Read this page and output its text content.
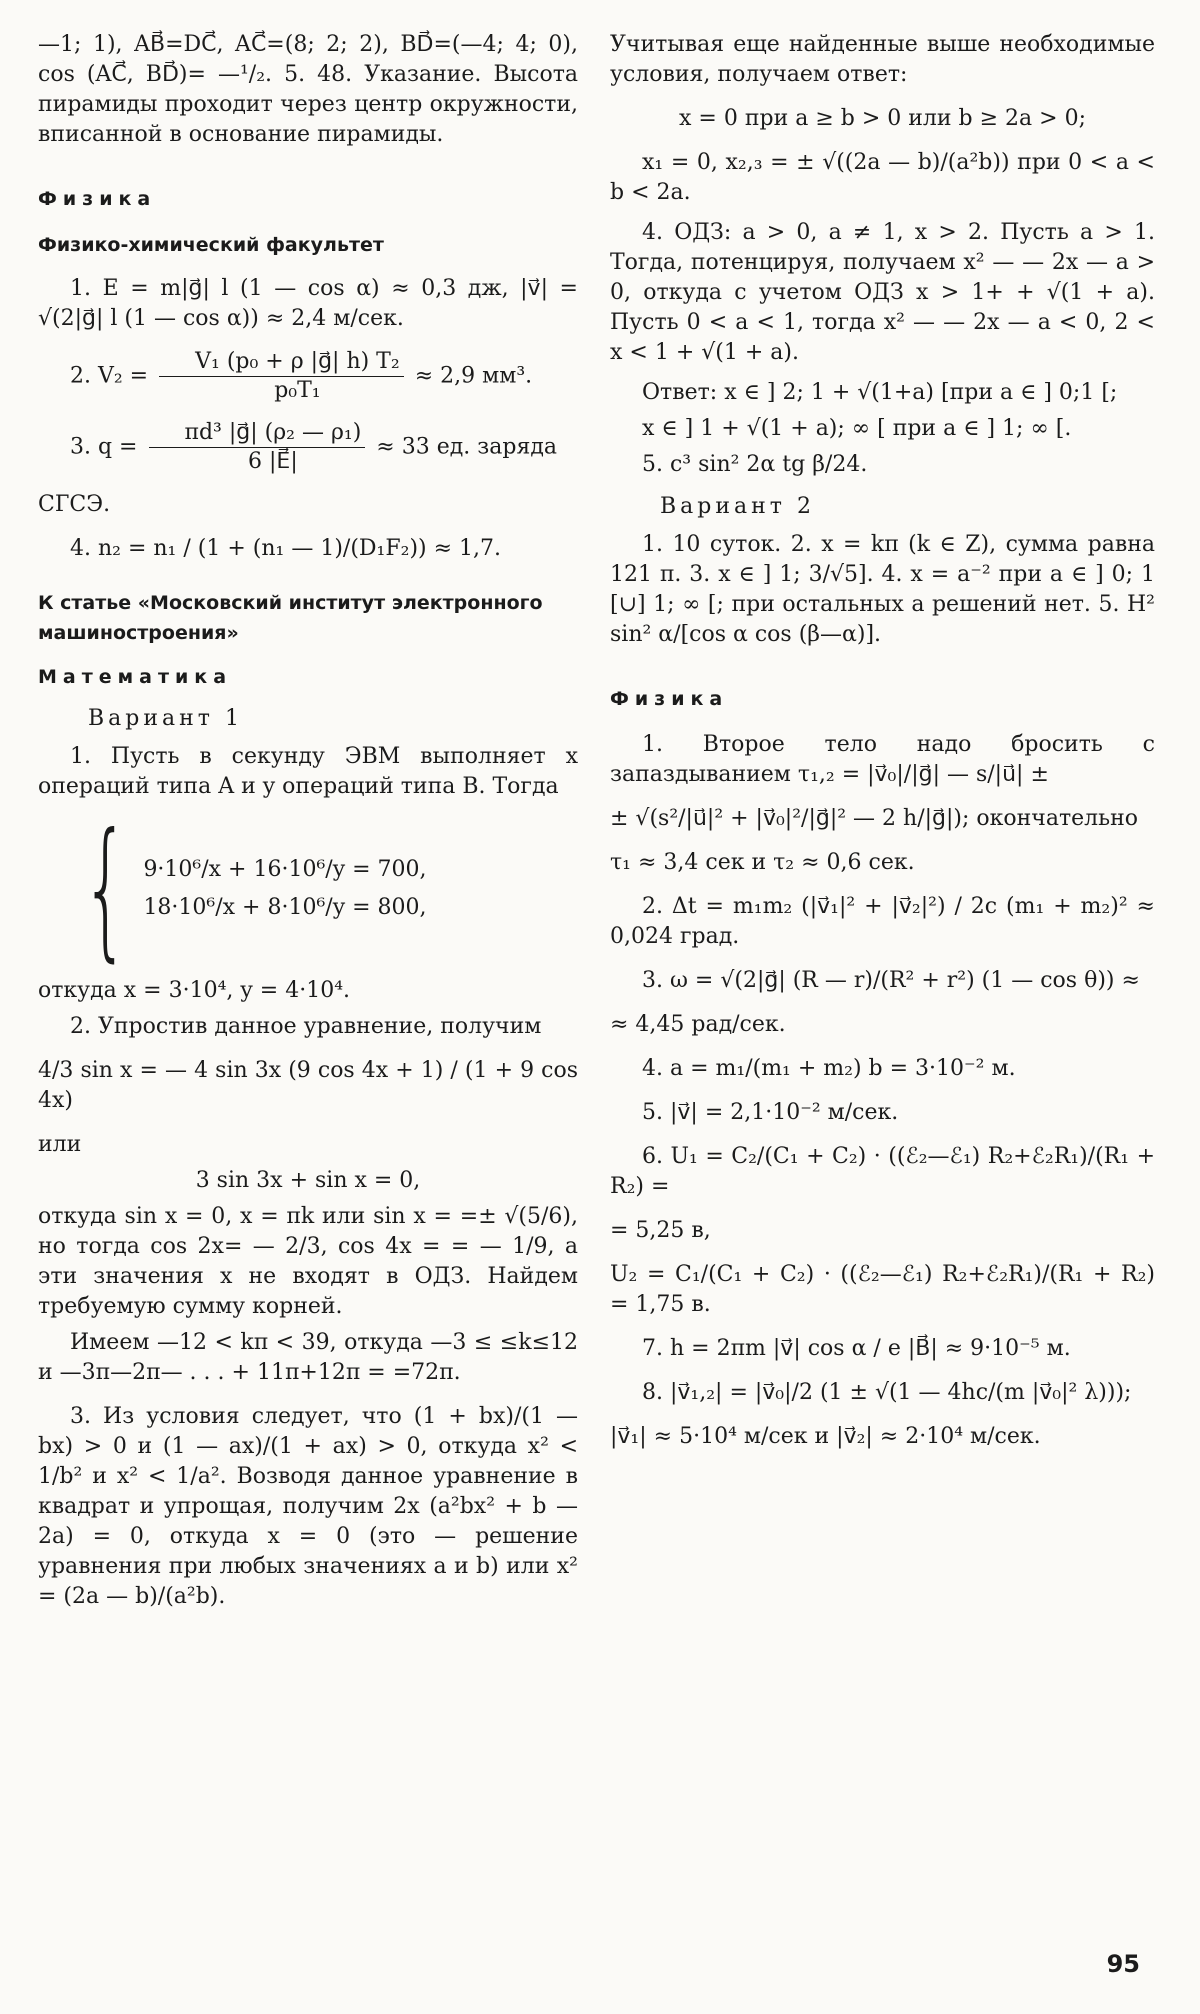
—1; 1), AB⃗=DC⃗, AC⃗=(8; 2; 2), BD⃗=(—4; 4; 0), cos (AC⃗, BD⃗)= —¹/₂. 5. 48. Указание. Высота пирамиды проходит через центр окружности, вписанной в основание пирамиды.

Физика
Физико-химический факультет

1. E = m|g⃗| l (1 — cos α) ≈ 0,3 дж, |v⃗| = √(2|g⃗| l (1 — cos α)) ≈ 2,4 м/сек.

2. $V_2 = \frac{\text{V₁ (p₀ + ρ |g⃗| h) T₂}}{\text{p₀T₁}} \approx 2,9$ мм³.
3. $q = \frac{\text{πd³ |g⃗| (ρ₂ — ρ₁)}}{6 |E⃗|} \approx 33$ ед. заряда

СГСЭ.

4. n₂ = n₁ / (1 + (n₁ — 1)/(D₁F₂)) ≈ 1,7.

К статье «Московский институт электронного машиностроения»
Математика
Вариант 1

1. Пусть в секунду ЭВМ выполняет x операций типа A и y операций типа B. Тогда

{ 9·10⁶/x + 16·10⁶/y = 700,
18·10⁶/x + 8·10⁶/y = 800,

откуда x = 3·10⁴, y = 4·10⁴.

2. Упростив данное уравнение, получим

4/3 sin x = — 4 sin 3x (9 cos 4x + 1) / (1 + 9 cos 4x)

или

3 sin 3x + sin x = 0,

откуда sin x = 0, x = πk или sin x = =± √(5/6), но тогда cos 2x= — 2/3, cos 4x = = — 1/9, а эти значения x не входят в ОДЗ. Найдем требуемую сумму корней.

Имеем —12 < kπ < 39, откуда —3 ≤ ≤k≤12 и —3π—2π— . . . + 11π+12π = =72π.

3. Из условия следует, что (1 + bx)/(1 — bx) > 0 и (1 — ax)/(1 + ax) > 0, откуда x² < 1/b² и x² < 1/a². Возводя данное уравнение в квадрат и упрощая, получим 2x (a²bx² + b — 2a) = 0, откуда x = 0 (это — решение уравнения при любых значениях a и b) или x² = (2a — b)/(a²b).

Учитывая еще найденные выше необходимые условия, получаем ответ:

x = 0 при a ≥ b > 0 или b ≥ 2a > 0;

x₁ = 0, x₂,₃ = ± √((2a — b)/(a²b)) при 0 < a < b < 2a.

4. ОДЗ: a > 0, a ≠ 1, x > 2. Пусть a > 1. Тогда, потенцируя, получаем x² — — 2x — a > 0, откуда с учетом ОДЗ x > 1+ + √(1 + a). Пусть 0 < a < 1, тогда x² — — 2x — a < 0, 2 < x < 1 + √(1 + a).

Ответ: x ∈ ] 2; 1 + √(1+a) [при a ∈ ] 0;1 [;

x ∈ ] 1 + √(1 + a); ∞ [ при a ∈ ] 1; ∞ [.

5. c³ sin² 2α tg β/24.

Вариант 2

1. 10 суток. 2. x = kπ (k ∈ Z), сумма равна 121 π. 3. x ∈ ] 1; 3/√5]. 4. x = a⁻² при a ∈ ] 0; 1 [∪] 1; ∞ [; при остальных a решений нет. 5. H² sin² α/[cos α cos (β—α)].

Физика

1. Второе тело надо бросить с запаздыванием τ₁,₂ = |v⃗₀|/|g⃗| — s/|u⃗| ±

± √(s²/|u⃗|² + |v⃗₀|²/|g⃗|² — 2 h/|g⃗|); окончательно

τ₁ ≈ 3,4 сек и τ₂ ≈ 0,6 сек.

2. Δt = m₁m₂ (|v⃗₁|² + |v⃗₂|²) / 2c (m₁ + m₂)² ≈ 0,024 град.

3. ω = √(2|g⃗| (R — r)/(R² + r²) (1 — cos θ)) ≈

≈ 4,45 рад/сек.

4. a = m₁/(m₁ + m₂) b = 3·10⁻² м.

5. |v⃗| = 2,1·10⁻² м/сек.

6. U₁ = C₂/(C₁ + C₂) · ((ℰ₂—ℰ₁) R₂+ℰ₂R₁)/(R₁ + R₂) =

= 5,25 в,

U₂ = C₁/(C₁ + C₂) · ((ℰ₂—ℰ₁) R₂+ℰ₂R₁)/(R₁ + R₂) = 1,75 в.

7. h = 2πm |v⃗| cos α / e |B⃗| ≈ 9·10⁻⁵ м.

8. |v⃗₁,₂| = |v⃗₀|/2 (1 ± √(1 — 4hc/(m |v⃗₀|² λ)));

|v⃗₁| ≈ 5·10⁴ м/сек и |v⃗₂| ≈ 2·10⁴ м/сек.

95
